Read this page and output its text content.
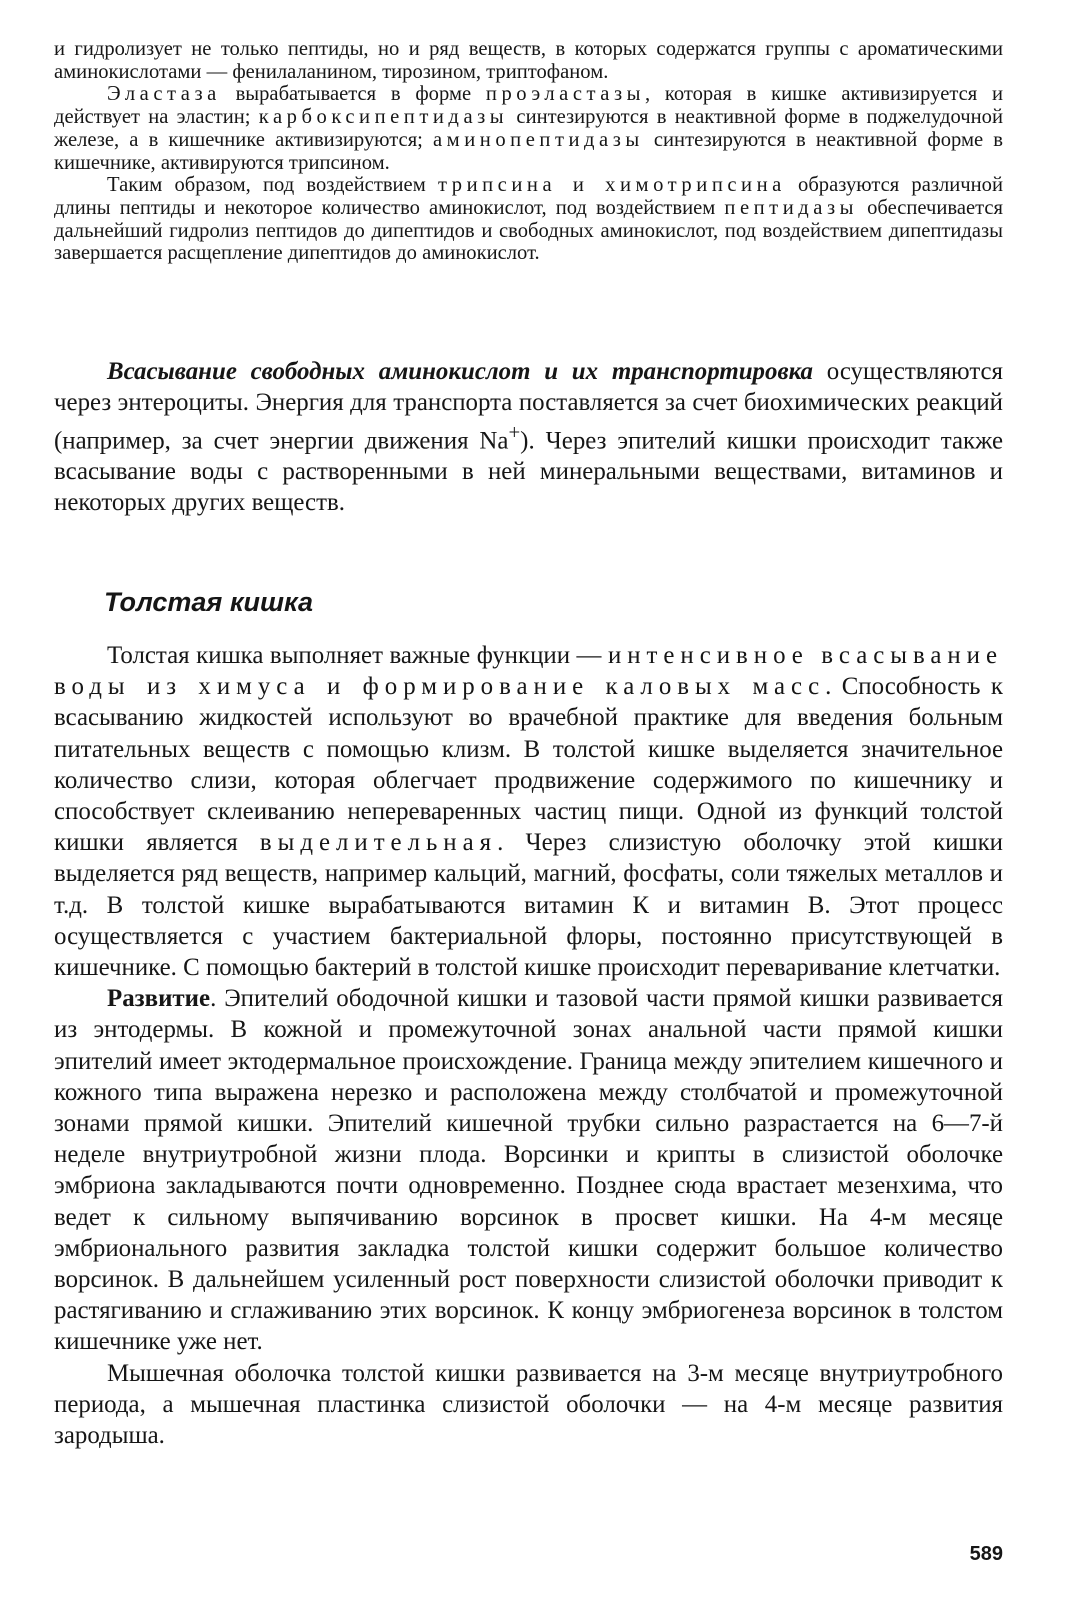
и гидролизует не только пептиды, но и ряд веществ, в которых содержатся группы с ароматическими аминокислотами — фенилаланином, тирозином, триптофаном.

Эластаза вырабатывается в форме проэластазы, которая в кишке активизируется и действует на эластин; карбоксипептидазы синтезируются в неактивной форме в поджелудочной железе, а в кишечнике активизируются; аминопептидазы синтезируются в неактивной форме в кишечнике, активируются трипсином.

Таким образом, под воздействием трипсина и химотрипсина образуются различной длины пептиды и некоторое количество аминокислот, под воздействием пептидазы обеспечивается дальнейший гидролиз пептидов до дипептидов и свободных аминокислот, под воздействием дипептидазы завершается расщепление дипептидов до аминокислот.

Всасывание свободных аминокислот и их транспортировка осуществляются через энтероциты. Энергия для транспорта поставляется за счет биохимических реакций (например, за счет энергии движения Na+). Через эпителий кишки происходит также всасывание воды с растворенными в ней минеральными веществами, витаминов и некоторых других веществ.

Толстая кишка

Толстая кишка выполняет важные функции — интенсивное всасывание воды из химуса и формирование каловых масс. Способность к всасыванию жидкостей используют во врачебной практике для введения больным питательных веществ с помощью клизм. В толстой кишке выделяется значительное количество слизи, которая облегчает продвижение содержимого по кишечнику и способствует склеиванию непереваренных частиц пищи. Одной из функций толстой кишки является выделительная. Через слизистую оболочку этой кишки выделяется ряд веществ, например кальций, магний, фосфаты, соли тяжелых металлов и т.д. В толстой кишке вырабатываются витамин К и витамин В. Этот процесс осуществляется с участием бактериальной флоры, постоянно присутствующей в кишечнике. С помощью бактерий в толстой кишке происходит переваривание клетчатки.

Развитие. Эпителий ободочной кишки и тазовой части прямой кишки развивается из энтодермы. В кожной и промежуточной зонах анальной части прямой кишки эпителий имеет эктодермальное происхождение. Граница между эпителием кишечного и кожного типа выражена нерезко и расположена между столбчатой и промежуточной зонами прямой кишки. Эпителий кишечной трубки сильно разрастается на 6—7-й неделе внутриутробной жизни плода. Ворсинки и крипты в слизистой оболочке эмбриона закладываются почти одновременно. Позднее сюда врастает мезенхима, что ведет к сильному выпячиванию ворсинок в просвет кишки. На 4-м месяце эмбрионального развития закладка толстой кишки содержит большое количество ворсинок. В дальнейшем усиленный рост поверхности слизистой оболочки приводит к растягиванию и сглаживанию этих ворсинок. К концу эмбриогенеза ворсинок в толстом кишечнике уже нет.

Мышечная оболочка толстой кишки развивается на 3-м месяце внутриутробного периода, а мышечная пластинка слизистой оболочки — на 4-м месяце развития зародыша.

589
